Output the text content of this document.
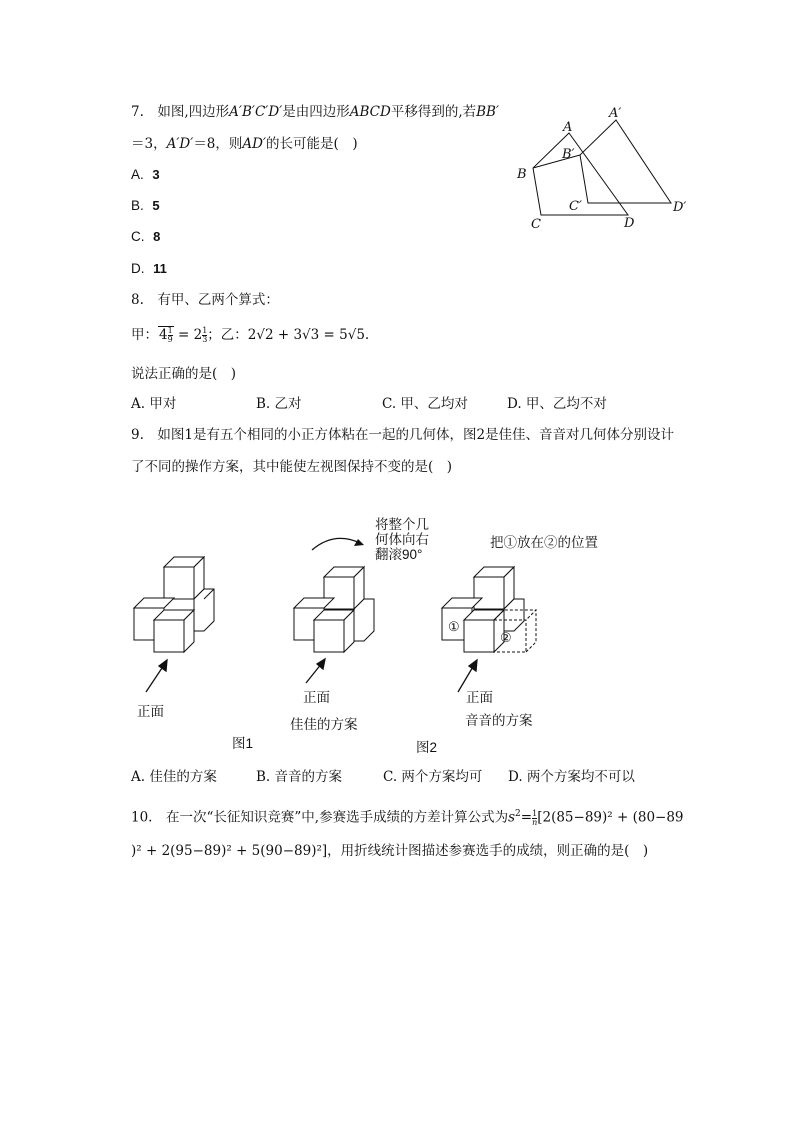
7.　如图,四边形A′B′C′D′是由四边形ABCD平移得到的,若BB′
＝3，A′D′＝8，则AD′的长可能是(　)
A. 3
B. 5
C. 8
D. 11
A
B
C	D
A′
B′
C′	D′
8.　有甲、乙两个算式：
甲：$4 \frac{1}{9} = 2 \frac{1}{3}$ ；乙：2√2 + 3√3 = 5√5.
说法正确的是(　)
A. 甲对	B. 乙对	C. 甲、乙均对	D. 甲、乙均不对
9.　如图1是有五个相同的小正方体粘在一起的几何体，图2是佳佳、音音对几何体分别设计
了不同的操作方案，其中能使左视图保持不变的是(　)
①
②
将整个几
何体向右
翻滚90°
把①放在②的位置
正面
正面	正面
佳佳的方案	音音的方案
图1	图2
A. 佳佳的方案	B. 音音的方案	C. 两个方案均可 D. 两个方案均不可以
10.　在一次“长征知识竞赛”中,参赛选手成绩的方差计算公式为$s^2= \frac{1}{n} [2(85-89)^2 + (80-89$
)² + 2(95−89)² + 5(90−89)²]，用折线统计图描述参赛选手的成绩，则正确的是(　)
